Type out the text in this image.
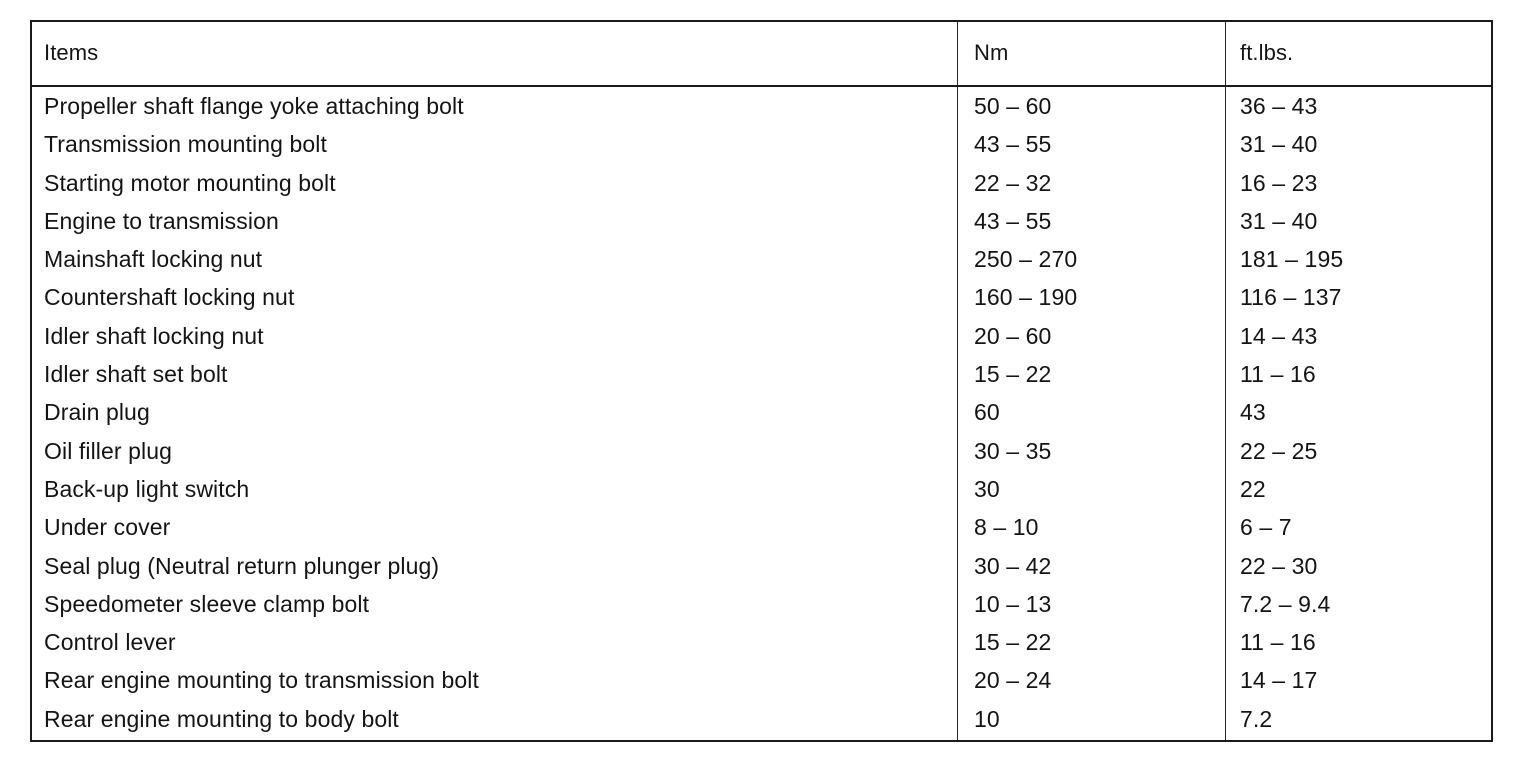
Items	Nm	ft.lbs.
Propeller shaft flange yoke attaching bolt	50 – 60	36 – 43
Transmission mounting bolt	43 – 55	31 – 40
Starting motor mounting bolt	22 – 32	16 – 23
Engine to transmission	43 – 55	31 – 40
Mainshaft locking nut	250 – 270	181 – 195
Countershaft locking nut	160 – 190	116 – 137
Idler shaft locking nut	20 – 60	14 – 43
Idler shaft set bolt	15 – 22	11 – 16
Drain plug	60	43
Oil filler plug	30 – 35	22 – 25
Back-up light switch	30	22
Under cover	8 – 10	6 – 7
Seal plug (Neutral return plunger plug)	30 – 42	22 – 30
Speedometer sleeve clamp bolt	10 – 13	7.2 – 9.4
Control lever	15 – 22	11 – 16
Rear engine mounting to transmission bolt	20 – 24	14 – 17
Rear engine mounting to body bolt	10	7.2
